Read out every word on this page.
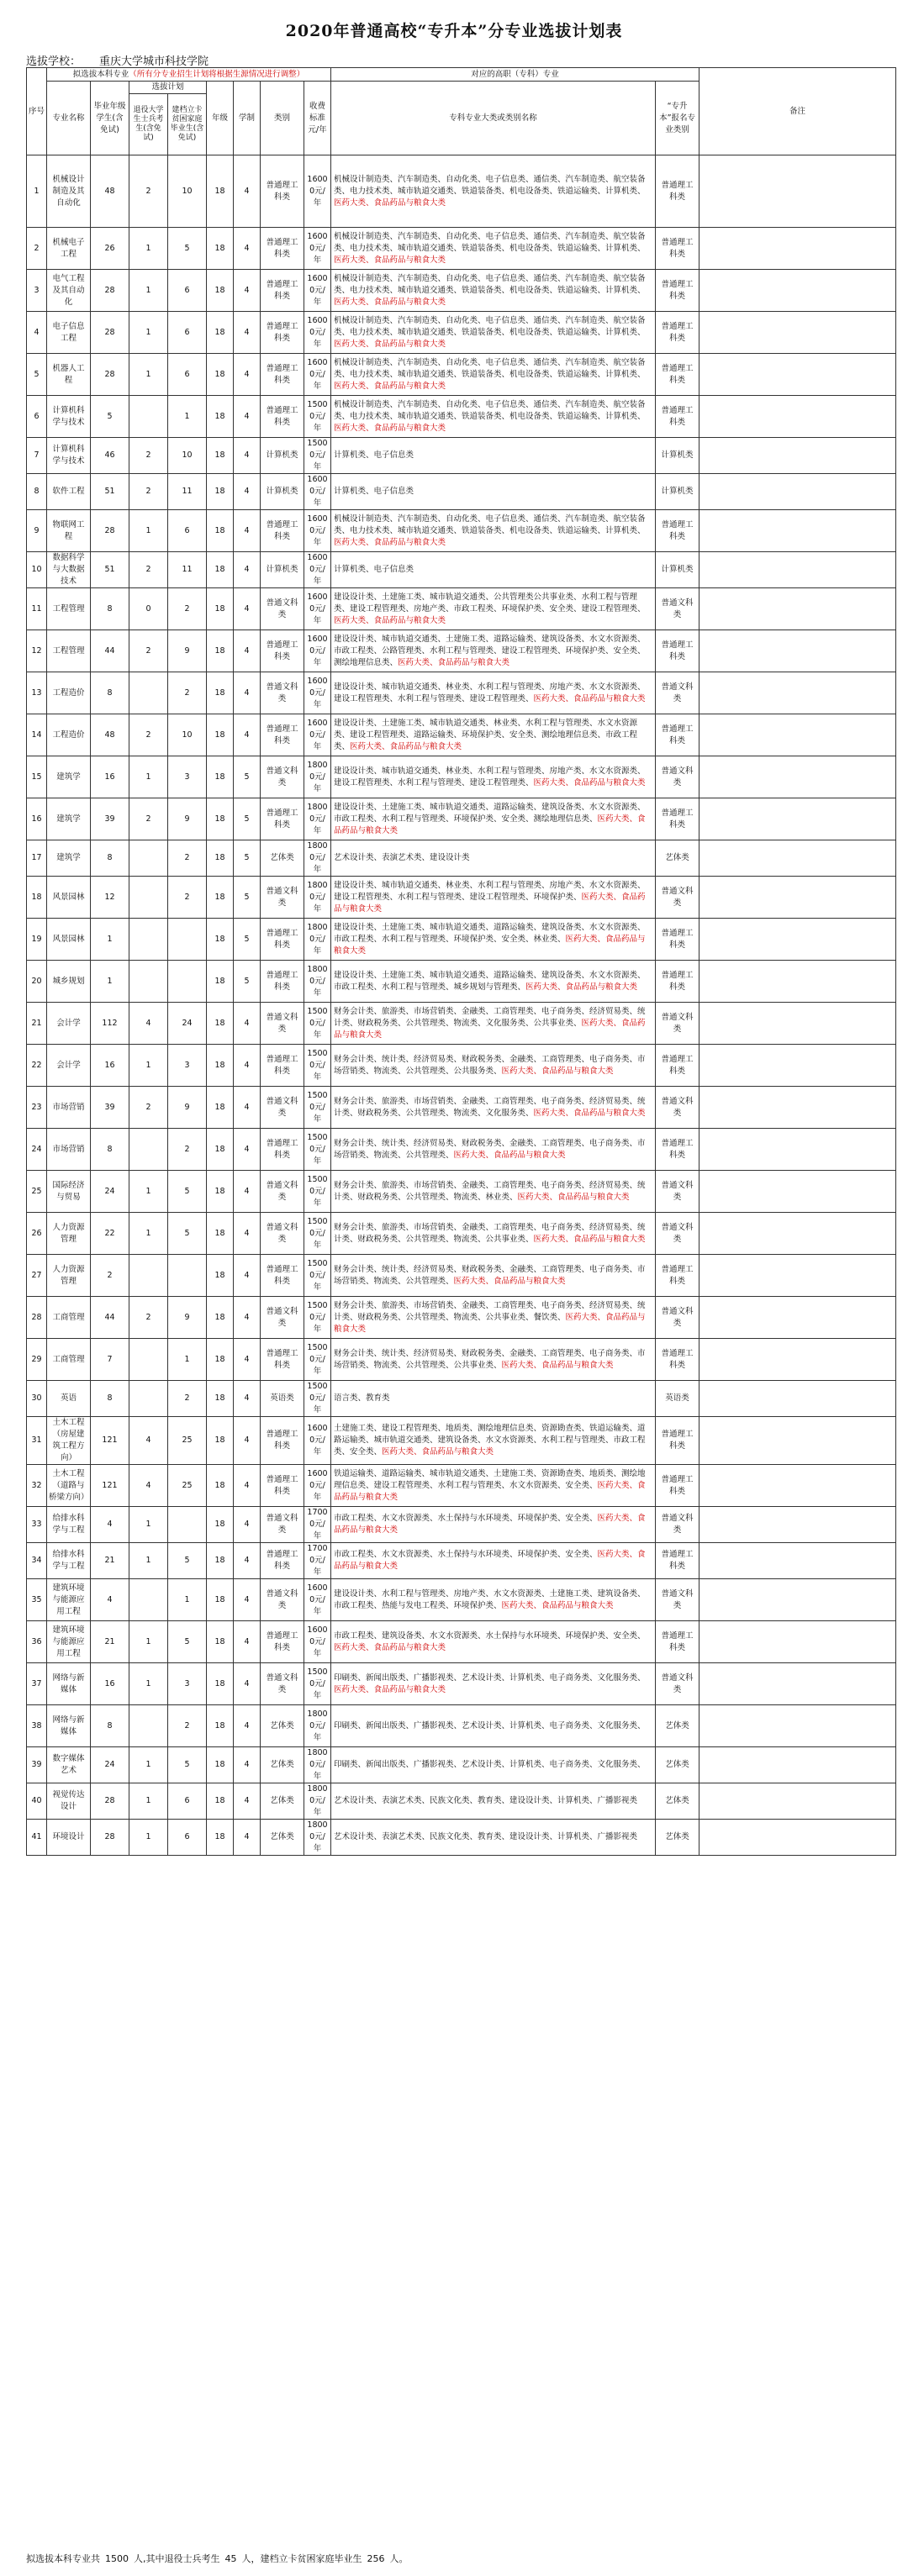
2020年普通高校“专升本”分专业选拔计划表
选拔学校： 重庆大学城市科技学院
序号	拟选拔本科专业（所有分专业招生计划将根据生源情况进行调整）								对应的高职（专科）专业		备注
	专业名称	毕业年级学生(含免试)	选拔计划		年级	学制	类别	收费标准元/年	专科专业大类或类别名称	“专升本”报名专业类别	
			退役大学生士兵考生(含免试)	建档立卡贫困家庭毕业生(含免试)							
1	机械设计制造及其自动化	48	2	10	18	4	普通理工科类	16000元/年	机械设计制造类、汽车制造类、自动化类、电子信息类、通信类、汽车制造类、航空装备类、电力技术类、城市轨道交通类、铁道装备类、机电设备类、铁道运输类、计算机类、医药大类、食品药品与粮食大类	普通理工科类	
2	机械电子工程	26	1	5	18	4	普通理工科类	16000元/年	机械设计制造类、汽车制造类、自动化类、电子信息类、通信类、汽车制造类、航空装备类、电力技术类、城市轨道交通类、铁道装备类、机电设备类、铁道运输类、计算机类、医药大类、食品药品与粮食大类	普通理工科类	
3	电气工程及其自动化	28	1	6	18	4	普通理工科类	16000元/年	机械设计制造类、汽车制造类、自动化类、电子信息类、通信类、汽车制造类、航空装备类、电力技术类、城市轨道交通类、铁道装备类、机电设备类、铁道运输类、计算机类、医药大类、食品药品与粮食大类	普通理工科类	
4	电子信息工程	28	1	6	18	4	普通理工科类	16000元/年	机械设计制造类、汽车制造类、自动化类、电子信息类、通信类、汽车制造类、航空装备类、电力技术类、城市轨道交通类、铁道装备类、机电设备类、铁道运输类、计算机类、医药大类、食品药品与粮食大类	普通理工科类	
5	机器人工程	28	1	6	18	4	普通理工科类	16000元/年	机械设计制造类、汽车制造类、自动化类、电子信息类、通信类、汽车制造类、航空装备类、电力技术类、城市轨道交通类、铁道装备类、机电设备类、铁道运输类、计算机类、医药大类、食品药品与粮食大类	普通理工科类	
6	计算机科学与技术	5		1	18	4	普通理工科类	15000元/年	机械设计制造类、汽车制造类、自动化类、电子信息类、通信类、汽车制造类、航空装备类、电力技术类、城市轨道交通类、铁道装备类、机电设备类、铁道运输类、计算机类、医药大类、食品药品与粮食大类	普通理工科类	
7	计算机科学与技术	46	2	10	18	4	计算机类	15000元/年	计算机类、电子信息类	计算机类	
8	软件工程	51	2	11	18	4	计算机类	16000元/年	计算机类、电子信息类	计算机类	
9	物联网工程	28	1	6	18	4	普通理工科类	16000元/年	机械设计制造类、汽车制造类、自动化类、电子信息类、通信类、汽车制造类、航空装备类、电力技术类、城市轨道交通类、铁道装备类、机电设备类、铁道运输类、计算机类、医药大类、食品药品与粮食大类	普通理工科类	
10	数据科学与大数据技术	51	2	11	18	4	计算机类	16000元/年	计算机类、电子信息类	计算机类	
11	工程管理	8	0	2	18	4	普通文科类	16000元/年	建设设计类、土建施工类、城市轨道交通类、公共管理类公共事业类、水利工程与管理类、建设工程管理类、房地产类、市政工程类、环境保护类、安全类、建设工程管理类、医药大类、食品药品与粮食大类	普通文科类	
12	工程管理	44	2	9	18	4	普通理工科类	16000元/年	建设设计类、城市轨道交通类、土建施工类、道路运输类、建筑设备类、水文水资源类、市政工程类、公路管理类、水利工程与管理类、建设工程管理类、环境保护类、安全类、测绘地理信息类、医药大类、食品药品与粮食大类	普通理工科类	
13	工程造价	8		2	18	4	普通文科类	16000元/年	建设设计类、城市轨道交通类、林业类、水利工程与管理类、房地产类、水文水资源类、建设工程管理类、水利工程与管理类、建设工程管理类、医药大类、食品药品与粮食大类	普通文科类	
14	工程造价	48	2	10	18	4	普通理工科类	16000元/年	建设设计类、土建施工类、城市轨道交通类、林业类、水利工程与管理类、水文水资源类、建设工程管理类、道路运输类、环境保护类、安全类、测绘地理信息类、市政工程类、医药大类、食品药品与粮食大类	普通理工科类	
15	建筑学	16	1	3	18	5	普通文科类	18000元/年	建设设计类、城市轨道交通类、林业类、水利工程与管理类、房地产类、水文水资源类、建设工程管理类、水利工程与管理类、建设工程管理类、医药大类、食品药品与粮食大类	普通文科类	
16	建筑学	39	2	9	18	5	普通理工科类	18000元/年	建设设计类、土建施工类、城市轨道交通类、道路运输类、建筑设备类、水文水资源类、市政工程类、水利工程与管理类、环境保护类、安全类、测绘地理信息类、医药大类、食品药品与粮食大类	普通理工科类	
17	建筑学	8		2	18	5	艺体类	18000元/年	艺术设计类、表演艺术类、建设设计类	艺体类	
18	风景园林	12		2	18	5	普通文科类	18000元/年	建设设计类、城市轨道交通类、林业类、水利工程与管理类、房地产类、水文水资源类、建设工程管理类、水利工程与管理类、建设工程管理类、环境保护类、医药大类、食品药品与粮食大类	普通文科类	
19	风景园林	1			18	5	普通理工科类	18000元/年	建设设计类、土建施工类、城市轨道交通类、道路运输类、建筑设备类、水文水资源类、市政工程类、水利工程与管理类、环境保护类、安全类、林业类、医药大类、食品药品与粮食大类	普通理工科类	
20	城乡规划	1			18	5	普通理工科类	18000元/年	建设设计类、土建施工类、城市轨道交通类、道路运输类、建筑设备类、水文水资源类、市政工程类、水利工程与管理类、城乡规划与管理类、医药大类、食品药品与粮食大类	普通理工科类	
21	会计学	112	4	24	18	4	普通文科类	15000元/年	财务会计类、旅游类、市场营销类、金融类、工商管理类、电子商务类、经济贸易类、统计类、财政税务类、公共管理类、物流类、文化服务类、公共事业类、医药大类、食品药品与粮食大类	普通文科类	
22	会计学	16	1	3	18	4	普通理工科类	15000元/年	财务会计类、统计类、经济贸易类、财政税务类、金融类、工商管理类、电子商务类、市场营销类、物流类、公共管理类、公共服务类、医药大类、食品药品与粮食大类	普通理工科类	
23	市场营销	39	2	9	18	4	普通文科类	15000元/年	财务会计类、旅游类、市场营销类、金融类、工商管理类、电子商务类、经济贸易类、统计类、财政税务类、公共管理类、物流类、文化服务类、医药大类、食品药品与粮食大类	普通文科类	
24	市场营销	8		2	18	4	普通理工科类	15000元/年	财务会计类、统计类、经济贸易类、财政税务类、金融类、工商管理类、电子商务类、市场营销类、物流类、公共管理类、医药大类、食品药品与粮食大类	普通理工科类	
25	国际经济与贸易	24	1	5	18	4	普通文科类	15000元/年	财务会计类、旅游类、市场营销类、金融类、工商管理类、电子商务类、经济贸易类、统计类、财政税务类、公共管理类、物流类、林业类、医药大类、食品药品与粮食大类	普通文科类	
26	人力资源管理	22	1	5	18	4	普通文科类	15000元/年	财务会计类、旅游类、市场营销类、金融类、工商管理类、电子商务类、经济贸易类、统计类、财政税务类、公共管理类、物流类、公共事业类、医药大类、食品药品与粮食大类	普通文科类	
27	人力资源管理	2			18	4	普通理工科类	15000元/年	财务会计类、统计类、经济贸易类、财政税务类、金融类、工商管理类、电子商务类、市场营销类、物流类、公共管理类、医药大类、食品药品与粮食大类	普通理工科类	
28	工商管理	44	2	9	18	4	普通文科类	15000元/年	财务会计类、旅游类、市场营销类、金融类、工商管理类、电子商务类、经济贸易类、统计类、财政税务类、公共管理类、物流类、公共事业类、餐饮类、医药大类、食品药品与粮食大类	普通文科类	
29	工商管理	7		1	18	4	普通理工科类	15000元/年	财务会计类、统计类、经济贸易类、财政税务类、金融类、工商管理类、电子商务类、市场营销类、物流类、公共管理类、公共事业类、医药大类、食品药品与粮食大类	普通理工科类	
30	英语	8		2	18	4	英语类	15000元/年	语言类、教育类	英语类	
31	土木工程（房屋建筑工程方向）	121	4	25	18	4	普通理工科类	16000元/年	土建施工类、建设工程管理类、地质类、测绘地理信息类、资源勘查类、铁道运输类、道路运输类、城市轨道交通类、建筑设备类、水文水资源类、水利工程与管理类、市政工程类、安全类、医药大类、食品药品与粮食大类	普通理工科类	
32	土木工程（道路与桥梁方向）	121	4	25	18	4	普通理工科类	16000元/年	铁道运输类、道路运输类、城市轨道交通类、土建施工类、资源勘查类、地质类、测绘地理信息类、建设工程管理类、水利工程与管理类、水文水资源类、安全类、医药大类、食品药品与粮食大类	普通理工科类	
33	给排水科学与工程	4	1		18	4	普通文科类	17000元/年	市政工程类、水文水资源类、水土保持与水环境类、环境保护类、安全类、医药大类、食品药品与粮食大类	普通文科类	
34	给排水科学与工程	21	1	5	18	4	普通理工科类	17000元/年	市政工程类、水文水资源类、水土保持与水环境类、环境保护类、安全类、医药大类、食品药品与粮食大类	普通理工科类	
35	建筑环境与能源应用工程	4		1	18	4	普通文科类	16000元/年	建设设计类、水利工程与管理类、房地产类、水文水资源类、土建施工类、建筑设备类、市政工程类、热能与发电工程类、环境保护类、医药大类、食品药品与粮食大类	普通文科类	
36	建筑环境与能源应用工程	21	1	5	18	4	普通理工科类	16000元/年	市政工程类、建筑设备类、水文水资源类、水土保持与水环境类、环境保护类、安全类、医药大类、食品药品与粮食大类	普通理工科类	
37	网络与新媒体	16	1	3	18	4	普通文科类	15000元/年	印刷类、新闻出版类、广播影视类、艺术设计类、计算机类、电子商务类、文化服务类、医药大类、食品药品与粮食大类	普通文科类	
38	网络与新媒体	8		2	18	4	艺体类	18000元/年	印刷类、新闻出版类、广播影视类、艺术设计类、计算机类、电子商务类、文化服务类、	艺体类	
39	数字媒体艺术	24	1	5	18	4	艺体类	18000元/年	印刷类、新闻出版类、广播影视类、艺术设计类、计算机类、电子商务类、文化服务类、	艺体类	
40	视觉传达设计	28	1	6	18	4	艺体类	18000元/年	艺术设计类、表演艺术类、民族文化类、教育类、建设设计类、计算机类、广播影视类	艺体类	
41	环境设计	28	1	6	18	4	艺体类	18000元/年	艺术设计类、表演艺术类、民族文化类、教育类、建设设计类、计算机类、广播影视类	艺体类	
拟选拔本科专业共 1500 人,其中退役士兵考生 45 人，建档立卡贫困家庭毕业生 256 人。
